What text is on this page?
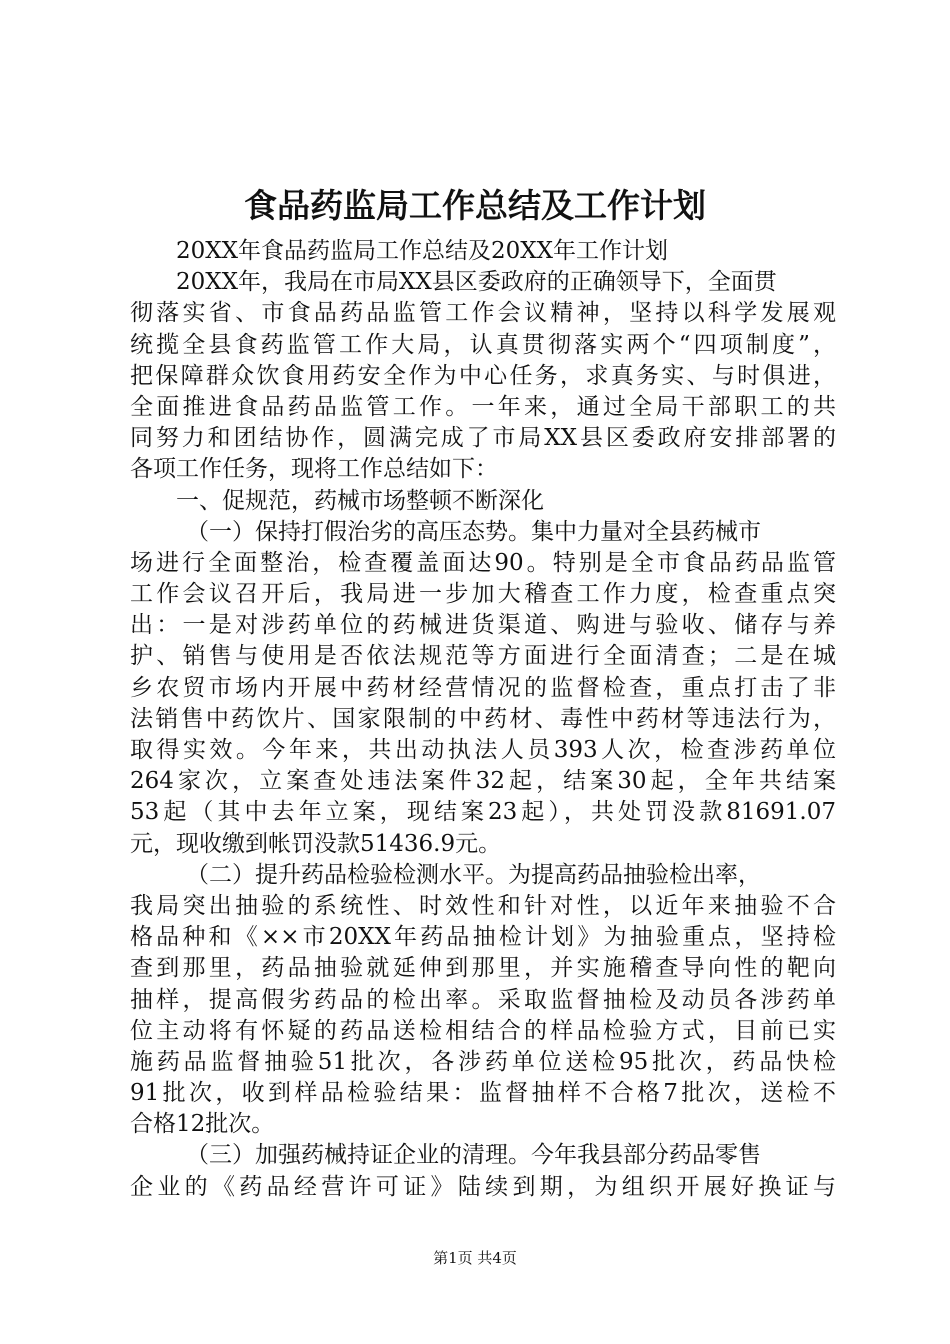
食品药监局工作总结及工作计划
20XX年食品药监局工作总结及20XX年工作计划
20XX年，我局在市局XX县区委政府的正确领导下，全面贯
彻落实省、市食品药品监管工作会议精神，坚持以科学发展观
统揽全县食药监管工作大局，认真贯彻落实两个“四项制度”，
把保障群众饮食用药安全作为中心任务，求真务实、与时俱进，
全面推进食品药品监管工作。一年来，通过全局干部职工的共
同努力和团结协作，圆满完成了市局XX县区委政府安排部署的
各项工作任务，现将工作总结如下：
一、促规范，药械市场整顿不断深化
（一）保持打假治劣的高压态势。集中力量对全县药械市
场进行全面整治，检查覆盖面达90。特别是全市食品药品监管
工作会议召开后，我局进一步加大稽查工作力度，检查重点突
出：一是对涉药单位的药械进货渠道、购进与验收、储存与养
护、销售与使用是否依法规范等方面进行全面清查；二是在城
乡农贸市场内开展中药材经营情况的监督检查，重点打击了非
法销售中药饮片、国家限制的中药材、毒性中药材等违法行为，
取得实效。今年来，共出动执法人员393人次，检查涉药单位
264家次，立案查处违法案件32起，结案30起，全年共结案
53起（其中去年立案，现结案23起），共处罚没款81691.07
元，现收缴到帐罚没款51436.9元。
（二）提升药品检验检测水平。为提高药品抽验检出率，
我局突出抽验的系统性、时效性和针对性，以近年来抽验不合
格品种和《××市20XX年药品抽检计划》为抽验重点，坚持检
查到那里，药品抽验就延伸到那里，并实施稽查导向性的靶向
抽样，提高假劣药品的检出率。采取监督抽检及动员各涉药单
位主动将有怀疑的药品送检相结合的样品检验方式，目前已实
施药品监督抽验51批次，各涉药单位送检95批次，药品快检
91批次，收到样品检验结果：监督抽样不合格7批次，送检不
合格12批次。
（三）加强药械持证企业的清理。今年我县部分药品零售
企业的《药品经营许可证》陆续到期，为组织开展好换证与
第1页 共4页
